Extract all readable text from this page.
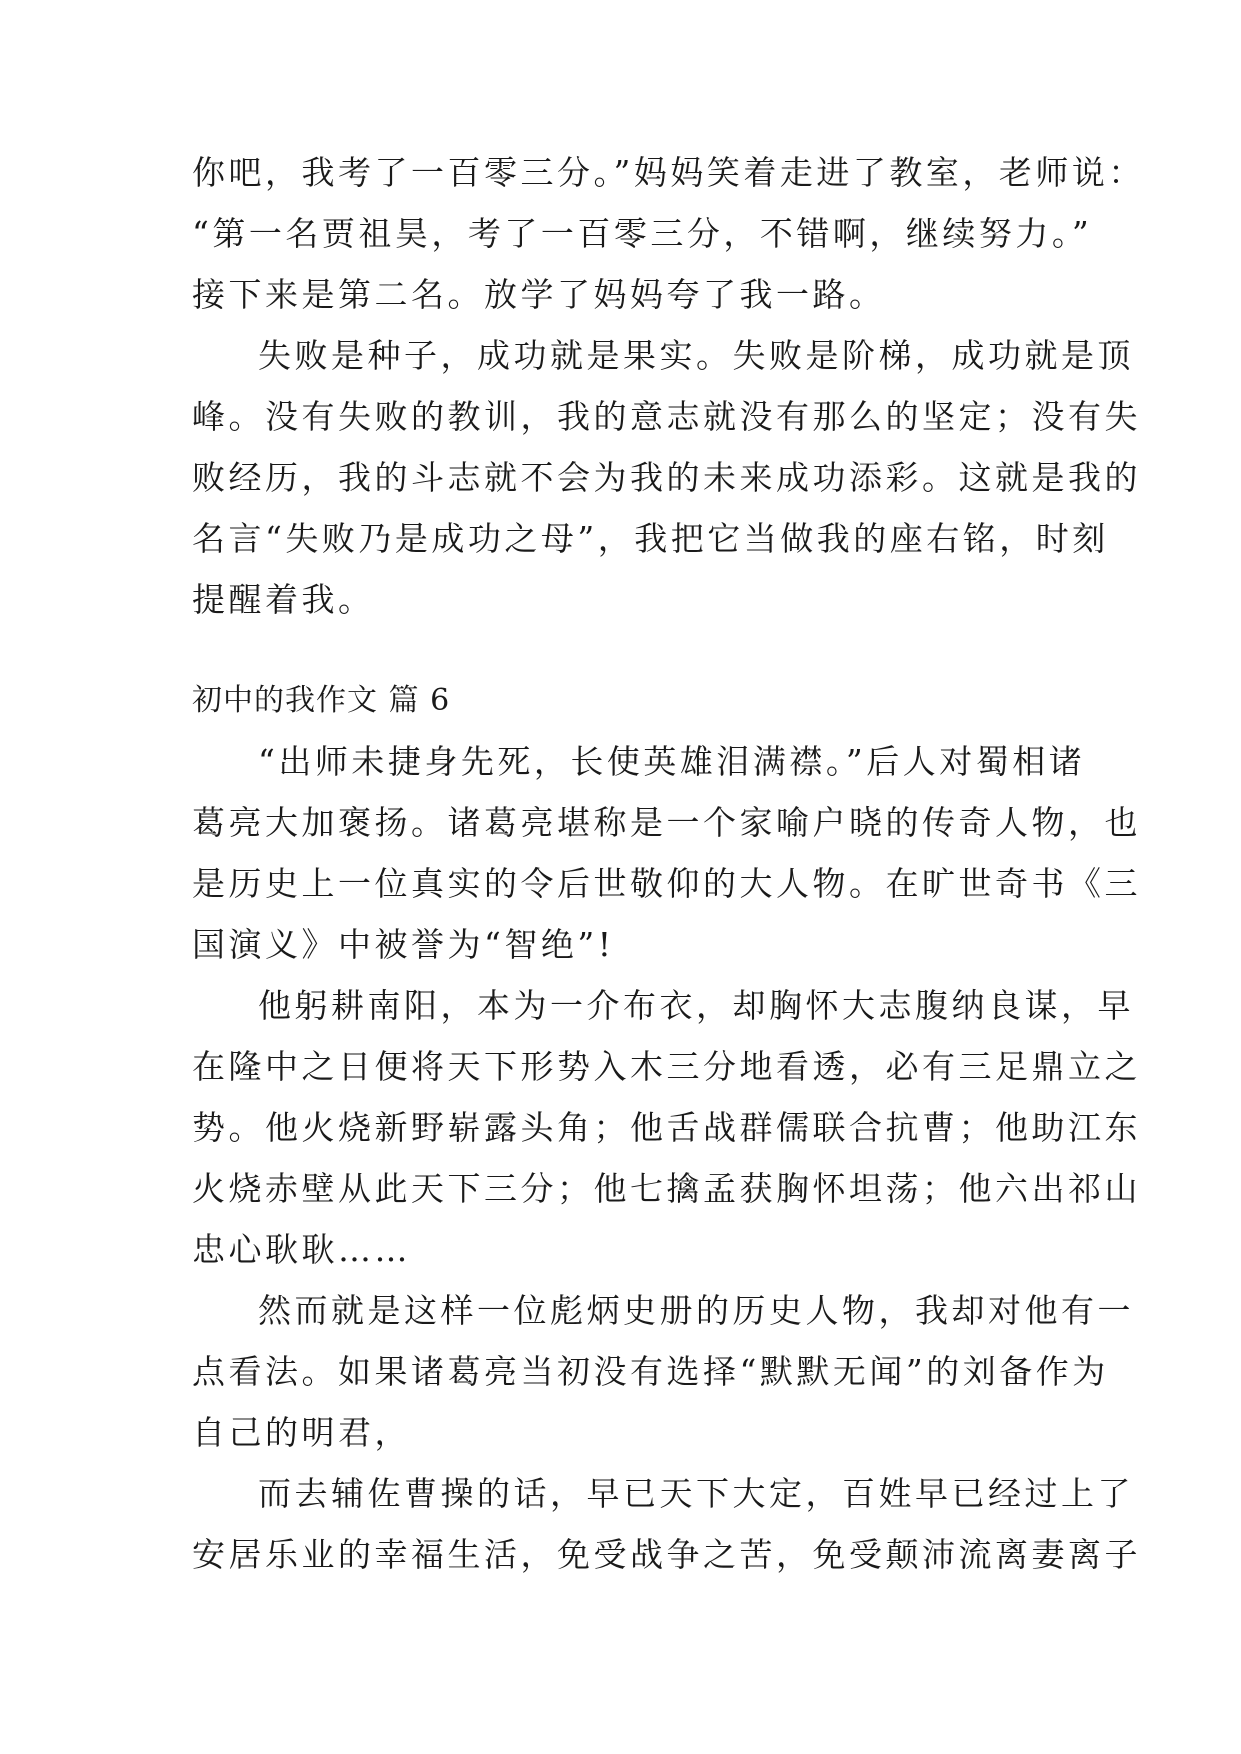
你吧，我考了一百零三分。”妈妈笑着走进了教室，老师说：
“第一名贾祖昊，考了一百零三分，不错啊，继续努力。”
接下来是第二名。放学了妈妈夸了我一路。
失败是种子，成功就是果实。失败是阶梯，成功就是顶
峰。没有失败的教训，我的意志就没有那么的坚定；没有失
败经历，我的斗志就不会为我的未来成功添彩。这就是我的
名言“失败乃是成功之母”，我把它当做我的座右铭，时刻
提醒着我。
初中的我作文 篇 6
“出师未捷身先死，长使英雄泪满襟。”后人对蜀相诸
葛亮大加褒扬。诸葛亮堪称是一个家喻户晓的传奇人物，也
是历史上一位真实的令后世敬仰的大人物。在旷世奇书《三
国演义》中被誉为“智绝”!
他躬耕南阳，本为一介布衣，却胸怀大志腹纳良谋，早
在隆中之日便将天下形势入木三分地看透，必有三足鼎立之
势。他火烧新野崭露头角；他舌战群儒联合抗曹；他助江东
火烧赤壁从此天下三分；他七擒孟获胸怀坦荡；他六出祁山
忠心耿耿……
然而就是这样一位彪炳史册的历史人物，我却对他有一
点看法。如果诸葛亮当初没有选择“默默无闻”的刘备作为
自己的明君，
而去辅佐曹操的话，早已天下大定，百姓早已经过上了
安居乐业的幸福生活，免受战争之苦，免受颠沛流离妻离子
